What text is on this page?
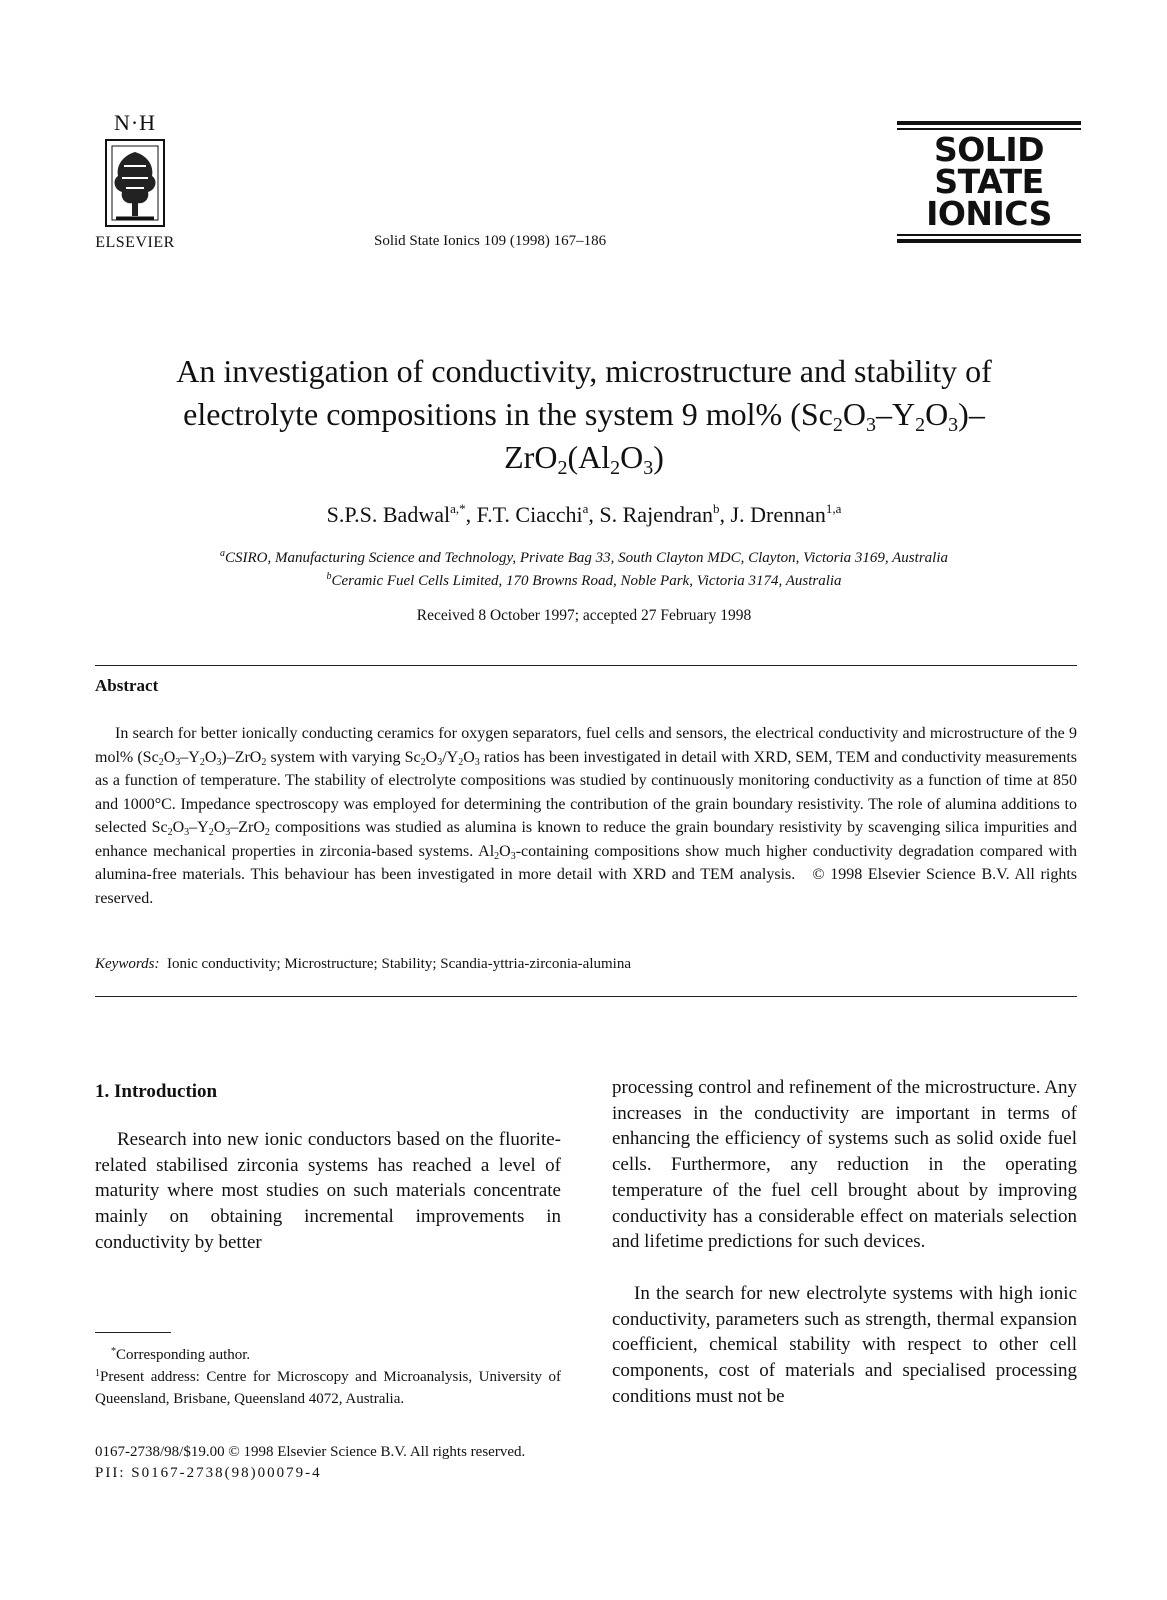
N·H
ELSEVIER	Solid State Ionics 109 (1998) 167–186
SOLID
STATE
IONICS
An investigation of conductivity, microstructure and stability of
electrolyte compositions in the system 9 mol% $(Sc_2O_3-Y_2O_3)-$
$ZrO_2(Al_2O_3)$
S.P.S. Badwal$^{a,*}$, F.T. Ciacchi$^a$, S. Rajendran$^b$, J. Drennan$^{1,a}$
$^a$CSIRO, Manufacturing Science and Technology, Private Bag 33, South Clayton MDC, Clayton, Victoria 3169, Australia
$^b$Ceramic Fuel Cells Limited, 170 Browns Road, Noble Park, Victoria 3174, Australia
Received 8 October 1997; accepted 27 February 1998
Abstract
In search for better ionically conducting ceramics for oxygen separators, fuel cells and sensors, the electrical conductivity and microstructure of the 9 mol% $(Sc_2O_3-Y_2O_3)-ZrO_2$ system with varying $Sc_2O_3/Y_2O_3$ ratios has been investigated in detail with XRD, SEM, TEM and conductivity measurements as a function of temperature. The stability of electrolyte compositions was studied by continuously monitoring conductivity as a function of time at 850 and 1000°C. Impedance spectroscopy was employed for determining the contribution of the grain boundary resistivity. The role of alumina additions to selected $Sc_2O_3-Y_2O_3-ZrO_2$ compositions was studied as alumina is known to reduce the grain boundary resistivity by scavenging silica impurities and enhance mechanical properties in zirconia-based systems. $Al_2O_3$-containing compositions show much higher conductivity degradation compared with alumina-free materials. This behaviour has been investigated in more detail with XRD and TEM analysis.   © 1998 Elsevier Science B.V. All rights reserved.
Keywords: Ionic conductivity; Microstructure; Stability; Scandia-yttria-zirconia-alumina
1. Introduction
Research into new ionic conductors based on the fluorite-related stabilised zirconia systems has reached a level of maturity where most studies on such materials concentrate mainly on obtaining incremental improvements in conductivity by better
processing control and refinement of the microstructure. Any increases in the conductivity are important in terms of enhancing the efficiency of systems such as solid oxide fuel cells. Furthermore, any reduction in the operating temperature of the fuel cell brought about by improving conductivity has a considerable effect on materials selection and lifetime predictions for such devices.
In the search for new electrolyte systems with high ionic conductivity, parameters such as strength, thermal expansion coefficient, chemical stability with respect to other cell components, cost of materials and specialised processing conditions must not be
*Corresponding author.
$^1$Present address: Centre for Microscopy and Microanalysis, University of Queensland, Brisbane, Queensland 4072, Australia.
0167-2738/98/$19.00 © 1998 Elsevier Science B.V. All rights reserved.
PII: S0167-2738(98)00079-4
